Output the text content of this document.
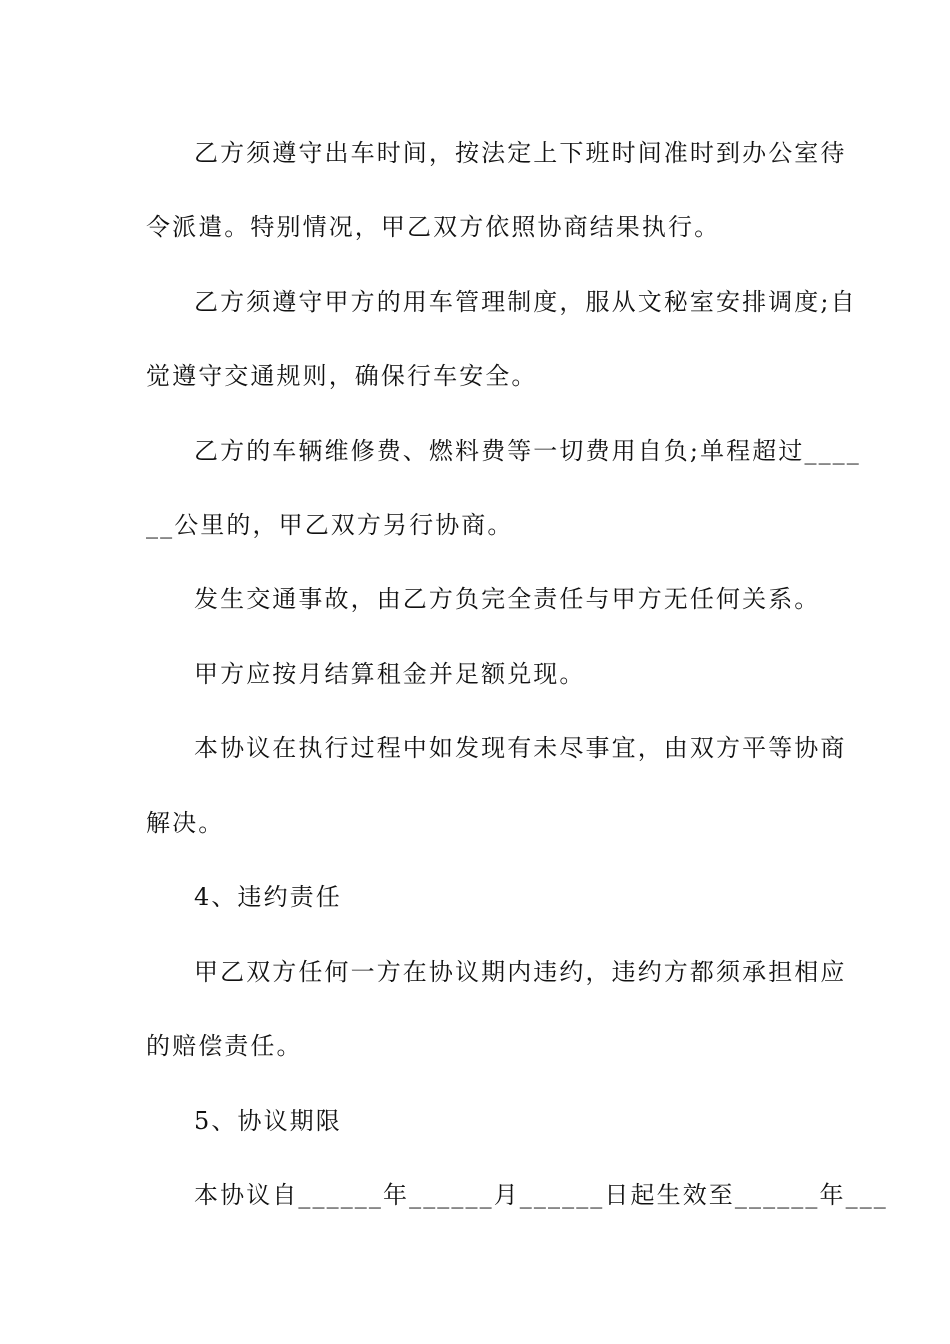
乙方须遵守出车时间，按法定上下班时间准时到办公室待
令派遣。特别情况，甲乙双方依照协商结果执行。
乙方须遵守甲方的用车管理制度，服从文秘室安排调度;自
觉遵守交通规则，确保行车安全。
乙方的车辆维修费、燃料费等一切费用自负;单程超过____
__公里的，甲乙双方另行协商。
发生交通事故，由乙方负完全责任与甲方无任何关系。
甲方应按月结算租金并足额兑现。
本协议在执行过程中如发现有未尽事宜，由双方平等协商
解决。
4、违约责任
甲乙双方任何一方在协议期内违约，违约方都须承担相应
的赔偿责任。
5、协议期限
本协议自______年______月______日起生效至______年___
